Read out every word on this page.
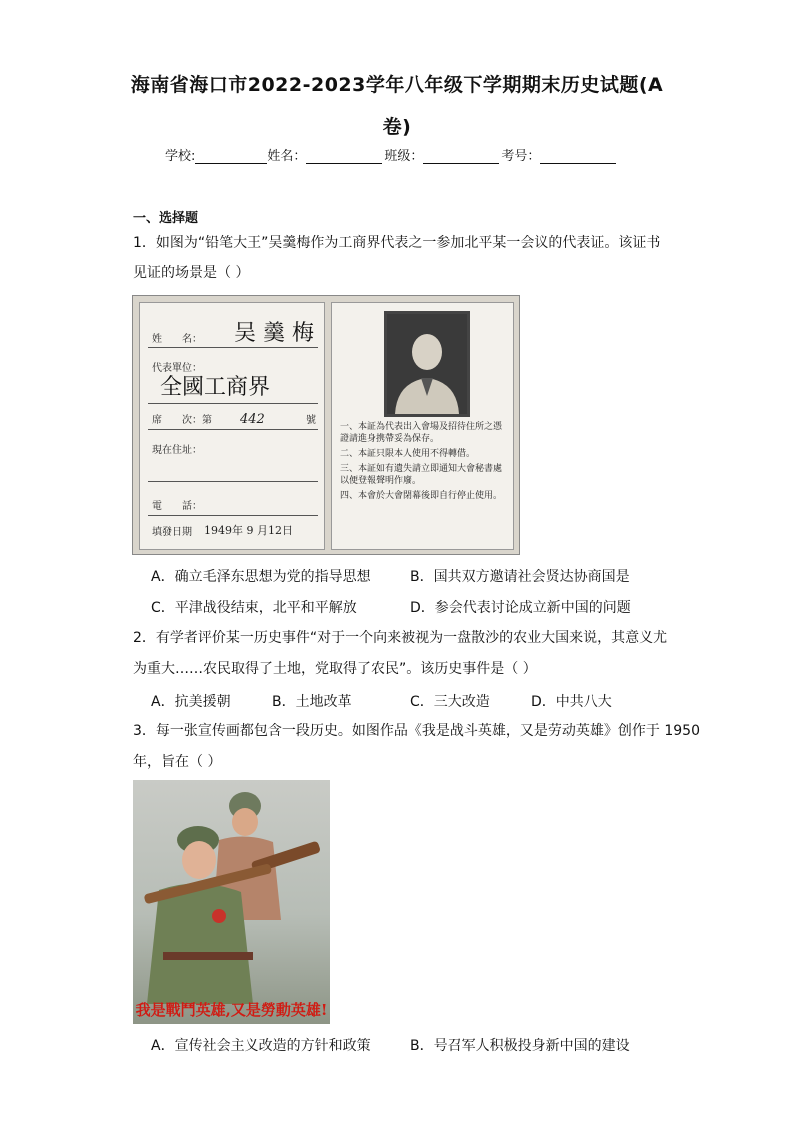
海南省海口市2022-2023学年八年级下学期期末历史试题(A
卷)
学校:	姓名：	班级：	考号：
一、选择题
1．如图为“铅笔大王”吴羹梅作为工商界代表之一参加北平某一会议的代表证。该证书
见证的场景是（ ）
姓　　名： 吴 羹 梅
代表單位：
全國工商界
席　　次：第 442	號
現在住址：
電　　話：
填發日期 1949年 9 月12日
一、本証為代表出入會場及招待住所之憑證請進身携帶妥為保存。
二、本証只限本人使用不得轉借。
三、本証如有遺失請立即通知大會秘書處以便登報聲明作廢。
四、本會於大會閉幕後即自行停止使用。
A．确立毛泽东思想为党的指导思想	B．国共双方邀请社会贤达协商国是
C．平津战役结束，北平和平解放	D．参会代表讨论成立新中国的问题
2．有学者评价某一历史事件“对于一个向来被视为一盘散沙的农业大国来说，其意义尤
为重大……农民取得了土地，党取得了农民”。该历史事件是（ ）
A．抗美援朝	B．土地改革	C．三大改造	D．中共八大
3．每一张宣传画都包含一段历史。如图作品《我是战斗英雄，又是劳动英雄》创作于 1950
年，旨在（ ）
我是戰鬥英雄,又是勞動英雄!
A．宣传社会主义改造的方针和政策	B．号召军人积极投身新中国的建设
